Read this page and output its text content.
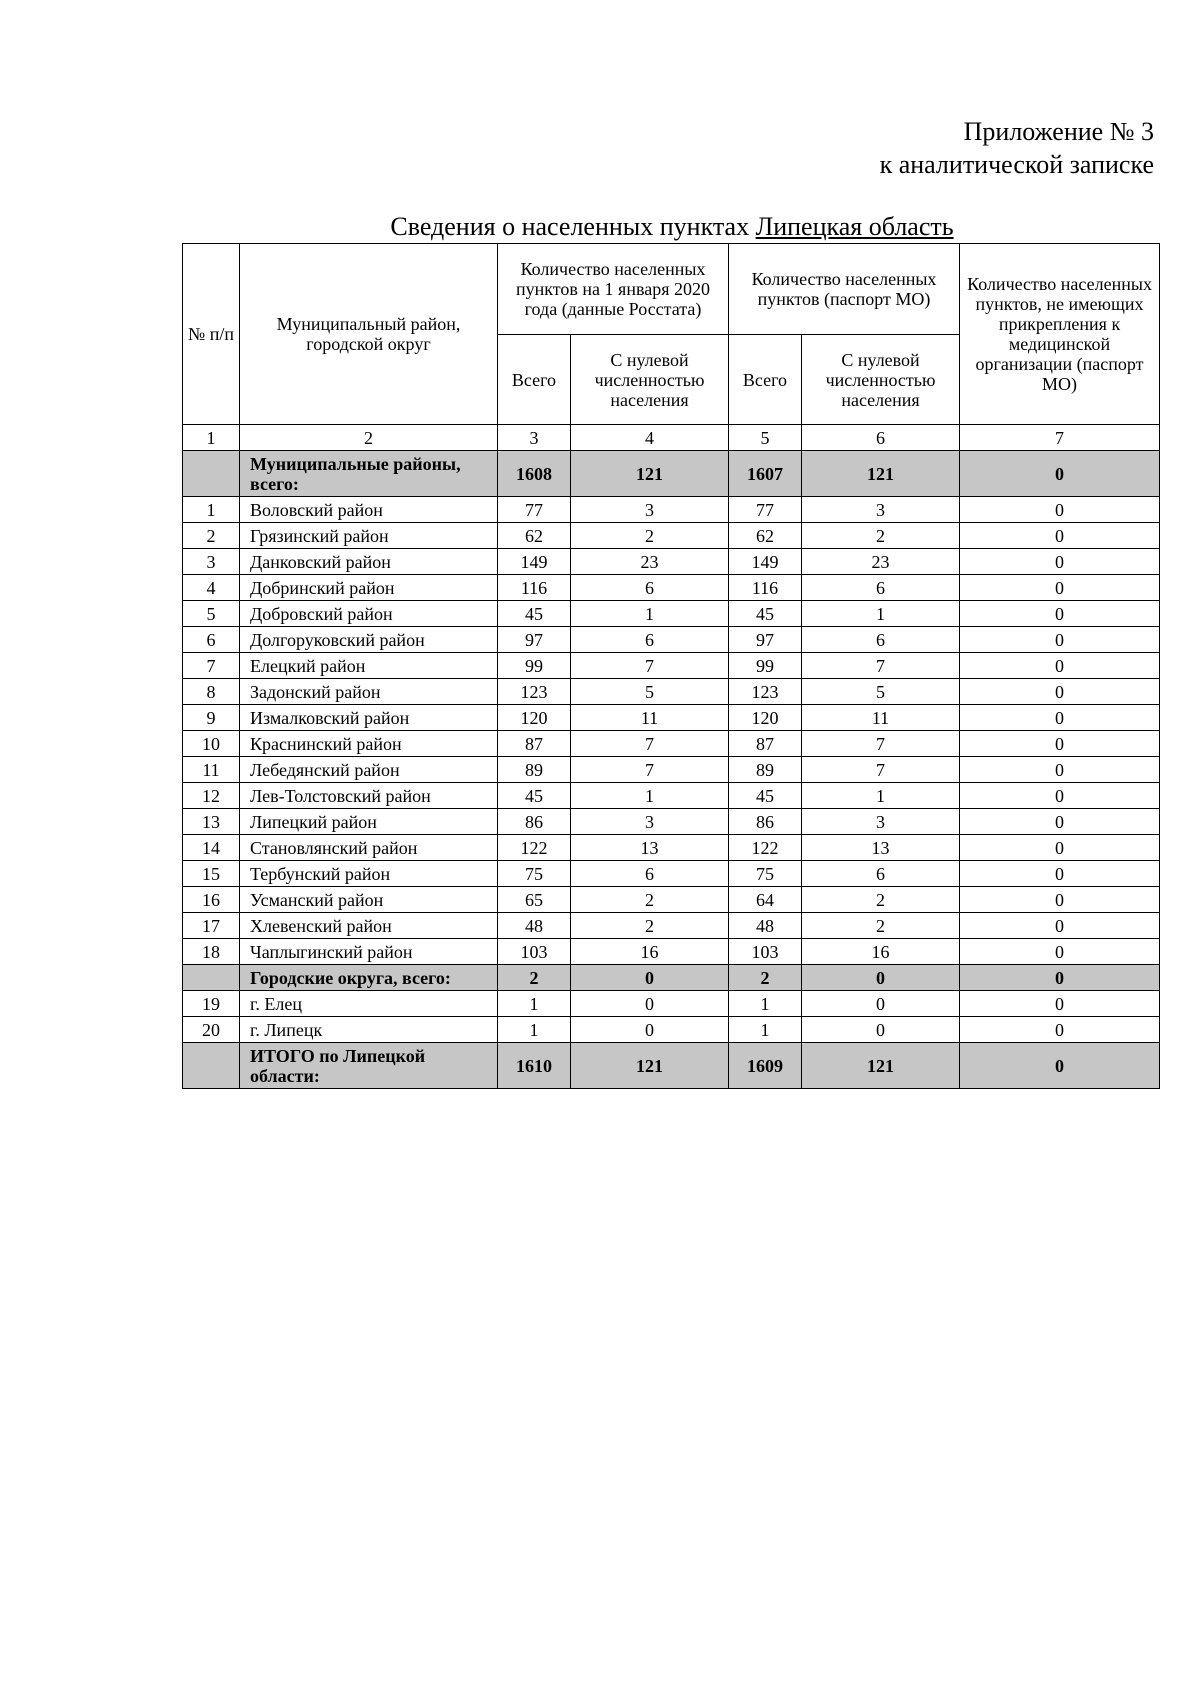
Приложение № 3
к аналитической записке
Сведения о населенных пунктах Липецкая область
№ п/п	Муниципальный район, городской округ	Количество населенных пунктов на 1 января 2020 года (данные Росстата)		Количество населенных пунктов (паспорт МО)		Количество населенных пунктов, не имеющих прикрепления к медицинской организации (паспорт МО)
		Всего	С нулевой численностью населения	Всего	С нулевой численностью населения	
1	2	3	4	5	6	7
	Муниципальные районы, всего:	1608	121	1607	121	0
1	Воловский район	77	3	77	3	0
2	Грязинский район	62	2	62	2	0
3	Данковский район	149	23	149	23	0
4	Добринский район	116	6	116	6	0
5	Добровский район	45	1	45	1	0
6	Долгоруковский район	97	6	97	6	0
7	Елецкий район	99	7	99	7	0
8	Задонский район	123	5	123	5	0
9	Измалковский район	120	11	120	11	0
10	Краснинский район	87	7	87	7	0
11	Лебедянский район	89	7	89	7	0
12	Лев-Толстовский район	45	1	45	1	0
13	Липецкий район	86	3	86	3	0
14	Становлянский район	122	13	122	13	0
15	Тербунский район	75	6	75	6	0
16	Усманский район	65	2	64	2	0
17	Хлевенский район	48	2	48	2	0
18	Чаплыгинский район	103	16	103	16	0
	Городские округа, всего:	2	0	2	0	0
19	г. Елец	1	0	1	0	0
20	г. Липецк	1	0	1	0	0
	ИТОГО по Липецкой области:	1610	121	1609	121	0
